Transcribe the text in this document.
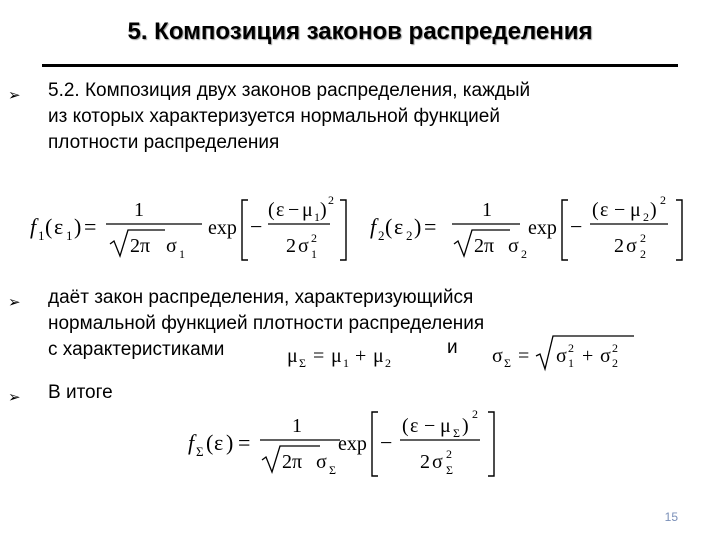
5. Композиция законов распределения
➢ 5.2. Композиция двух законов распределения, каждый
из которых характеризуется нормальной функцией
плотности распределения
f 1 ( ε 1 ) =
1
2π σ 1
exp −
( ε − μ 1 ) 2
2 σ 2
1
f 2 ( ε 2 ) =
1
2π σ 2
exp −
( ε − μ 2 ) 2
2 σ 2
2
➢ даёт закон распределения, характеризующийся
нормальной функцией плотности распределения
с характеристиками	μ Σ = μ 1 + μ 2
и σ Σ = σ 2
1 + σ 2
2
➢ В итоге
f Σ ( ε ) =
1
2π σ Σ
exp −
( ε − μ Σ )
2
2 σ 2
Σ
15
